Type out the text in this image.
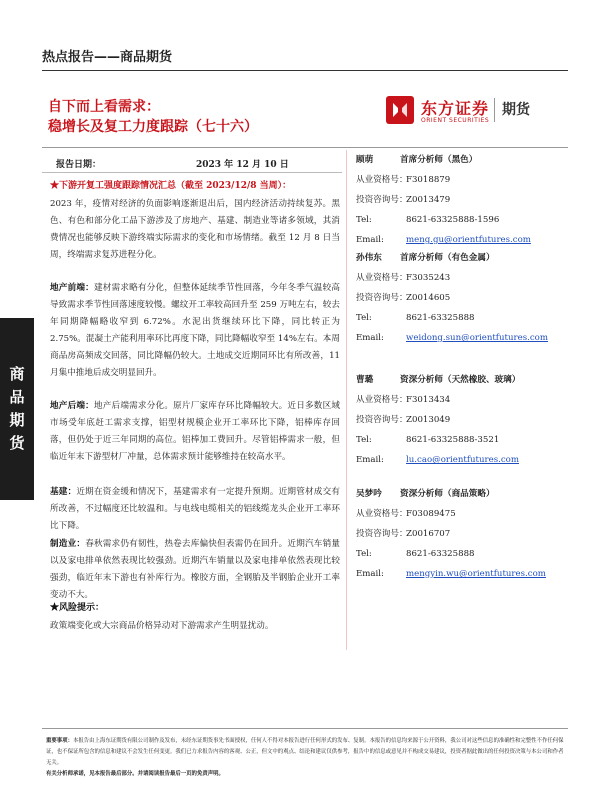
热点报告——商品期货
商
品
期
货
自下而上看需求：
稳增长及复工力度跟踪（七十六）
东方证券
ORIENT SECURITIES
期货
报告日期：	2023 年 12 月 10 日
★下游开复工强度跟踪情况汇总（截至 2023/12/8 当周）：
2023 年，疫情对经济的负面影响逐渐退出后，国内经济活动持续复苏。黑色、有色和部分化工品下游涉及了房地产、基建、制造业等诸多领域，其消费情况也能够反映下游终端实际需求的变化和市场情绪。截至 12 月 8 日当周，终端需求复苏进程分化。
地产前端：建材需求略有分化，但整体延续季节性回落，今年冬季气温较高导致需求季节性回落速度较慢。螺纹开工率较高回升至 259 万吨左右，较去年同期降幅略收窄到 6.72%。水泥出货继续环比下降，同比转正为 2.75%。混凝土产能利用率环比再度下降，同比降幅收窄至 14%左右。本周商品房高频成交回落，同比降幅仍较大。土地成交近期同环比有所改善，11 月集中推地后成交明显回升。
地产后端：地产后端需求分化。原片厂家库存环比降幅较大。近日多数区域市场受年底赶工需求支撑，铝型材规模企业开工率环比下降，铝棒库存回落，但仍处于近三年同期的高位。铝棒加工费回升。尽管铝棒需求一般，但临近年末下游型材厂冲量，总体需求预计能够维持在较高水平。
基建：近期在资金缓和情况下，基建需求有一定提升预期。近期管材成交有所改善，不过幅度还比较温和。与电线电缆相关的铝线缆龙头企业开工率环比下降。
制造业：春秋需求仍有韧性，热卷去库偏快但表需仍在回升。近期汽车销量以及家电排单依然表现比较强劲。近期汽车销量以及家电排单依然表现比较强劲，临近年末下游也有补库行为。橡胶方面，全钢胎及半钢胎企业开工率变动不大。
★风险提示：
政策端变化或大宗商品价格异动对下游需求产生明显扰动。
顾萌	首席分析师（黑色）
从业资格号：F3018879
投资咨询号：Z0013479
Tel:	8621-63325888-1596
Email:	meng.gu@orientfutures.com
孙伟东 首席分析师（有色金属）
从业资格号：F3035243
投资咨询号：Z0014605
Tel:	8621-63325888
Email:	weidong.sun@orientfutures.com
曹璐	资深分析师（天然橡胶、玻璃）
从业资格号：F3013434
投资咨询号：Z0013049
Tel:	8621-63325888-3521
Email:	lu.cao@orientfutures.com
吴梦吟 资深分析师（商品策略）
从业资格号：F03089475
投资咨询号：Z0016707
Tel:	8621-63325888
Email:	mengyin.wu@orientfutures.com
重要事项：本报告由上海东证期货有限公司制作及发布，未经东证期货事先书面授权，任何人不得对本报告进行任何形式的发布、复制。本报告的信息均来源于公开资料，我公司对这些信息的准确性和完整性不作任何保证，也不保证所包含的信息和建议不会发生任何变更。我们已力求报告内容的客观、公正，但文中的观点、结论和建议仅供参考，报告中的信息或意见并不构成交易建议，投资者据此做出的任何投资决策与本公司和作者无关。
有关分析师承诺，见本报告最后部分。并请阅读报告最后一页的免责声明。
